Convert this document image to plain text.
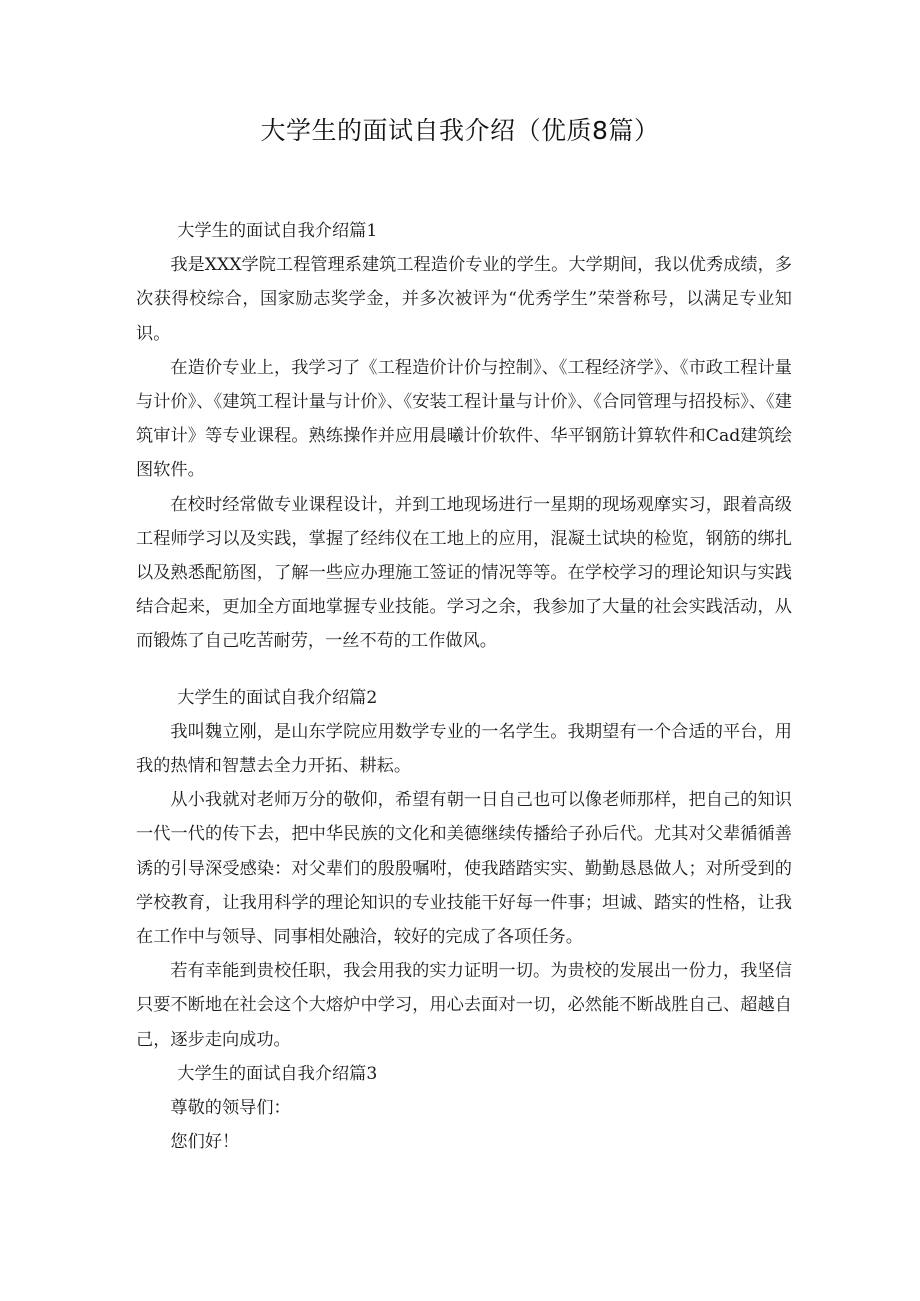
大学生的面试自我介绍（优质8篇）

大学生的面试自我介绍篇1

我是XXX学院工程管理系建筑工程造价专业的学生。大学期间，我以优秀成绩，多次获得校综合，国家励志奖学金，并多次被评为“优秀学生”荣誉称号，以满足专业知识。

在造价专业上，我学习了《工程造价计价与控制》、《工程经济学》、《市政工程计量与计价》、《建筑工程计量与计价》、《安装工程计量与计价》、《合同管理与招投标》、《建筑审计》等专业课程。熟练操作并应用晨曦计价软件、华平钢筋计算软件和Cad建筑绘图软件。

在校时经常做专业课程设计，并到工地现场进行一星期的现场观摩实习，跟着高级工程师学习以及实践，掌握了经纬仪在工地上的应用，混凝土试块的检览，钢筋的绑扎以及熟悉配筋图，了解一些应办理施工签证的情况等等。在学校学习的理论知识与实践结合起来，更加全方面地掌握专业技能。学习之余，我参加了大量的社会实践活动，从而锻炼了自己吃苦耐劳，一丝不苟的工作做风。

大学生的面试自我介绍篇2

我叫魏立刚，是山东学院应用数学专业的一名学生。我期望有一个合适的平台，用我的热情和智慧去全力开拓、耕耘。

从小我就对老师万分的敬仰，希望有朝一日自己也可以像老师那样，把自己的知识一代一代的传下去，把中华民族的文化和美德继续传播给子孙后代。尤其对父辈循循善诱的引导深受感染：对父辈们的殷殷嘱咐，使我踏踏实实、勤勤恳恳做人；对所受到的学校教育，让我用科学的理论知识的专业技能干好每一件事；坦诚、踏实的性格，让我在工作中与领导、同事相处融洽，较好的完成了各项任务。

若有幸能到贵校任职，我会用我的实力证明一切。为贵校的发展出一份力，我坚信只要不断地在社会这个大熔炉中学习，用心去面对一切，必然能不断战胜自己、超越自己，逐步走向成功。

大学生的面试自我介绍篇3

尊敬的领导们：

您们好！
